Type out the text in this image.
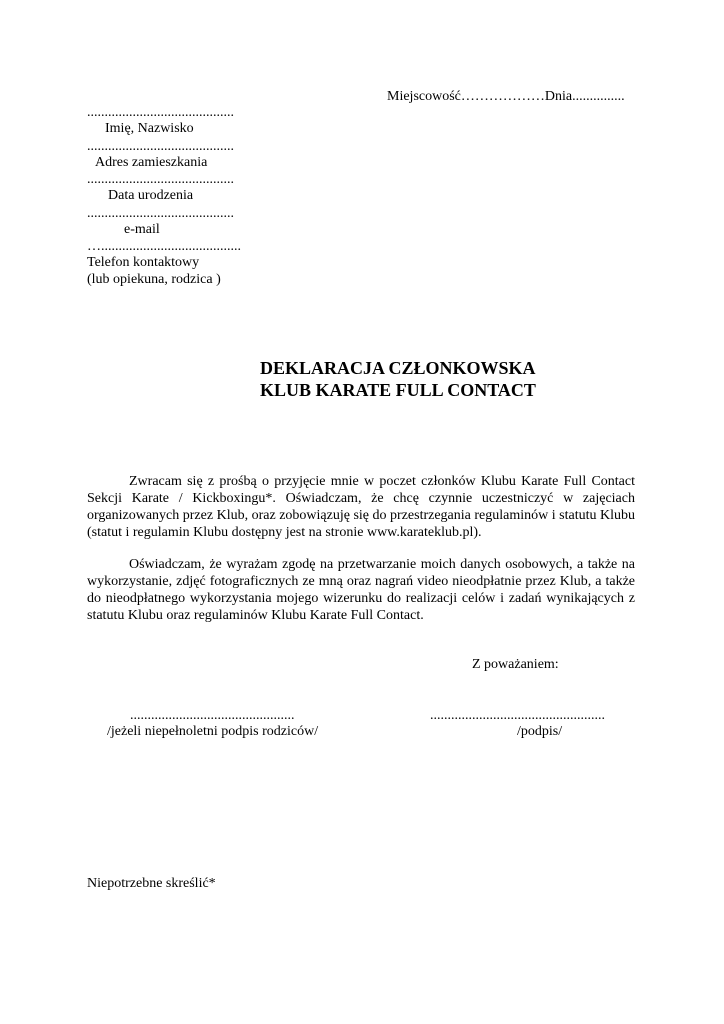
Miejscowość………………Dnia...............
..........................................
Imię, Nazwisko
..........................................
Adres zamieszkania
..........................................
Data urodzenia
..........................................
e-mail
…........................................
Telefon kontaktowy
(lub opiekuna, rodzica )
DEKLARACJA CZŁONKOWSKA
KLUB KARATE FULL CONTACT
Zwracam się z prośbą o przyjęcie mnie w poczet członków Klubu Karate Full Contact Sekcji Karate / Kickboxingu*. Oświadczam, że chcę czynnie uczestniczyć w zajęciach organizowanych przez Klub, oraz zobowiązuję się do przestrzegania regulaminów i statutu Klubu (statut i regulamin Klubu dostępny jest na stronie www.karateklub.pl).
Oświadczam, że wyrażam zgodę na przetwarzanie moich danych osobowych, a także na wykorzystanie, zdjęć fotograficznych ze mną oraz nagrań video nieodpłatnie przez Klub, a także do nieodpłatnego wykorzystania mojego wizerunku do realizacji celów i zadań wynikających z statutu Klubu oraz regulaminów Klubu Karate Full Contact.
Z poważaniem:
...............................................
/jeżeli niepełnoletni podpis rodziców/
..................................................
/podpis/
Niepotrzebne skreślić*
